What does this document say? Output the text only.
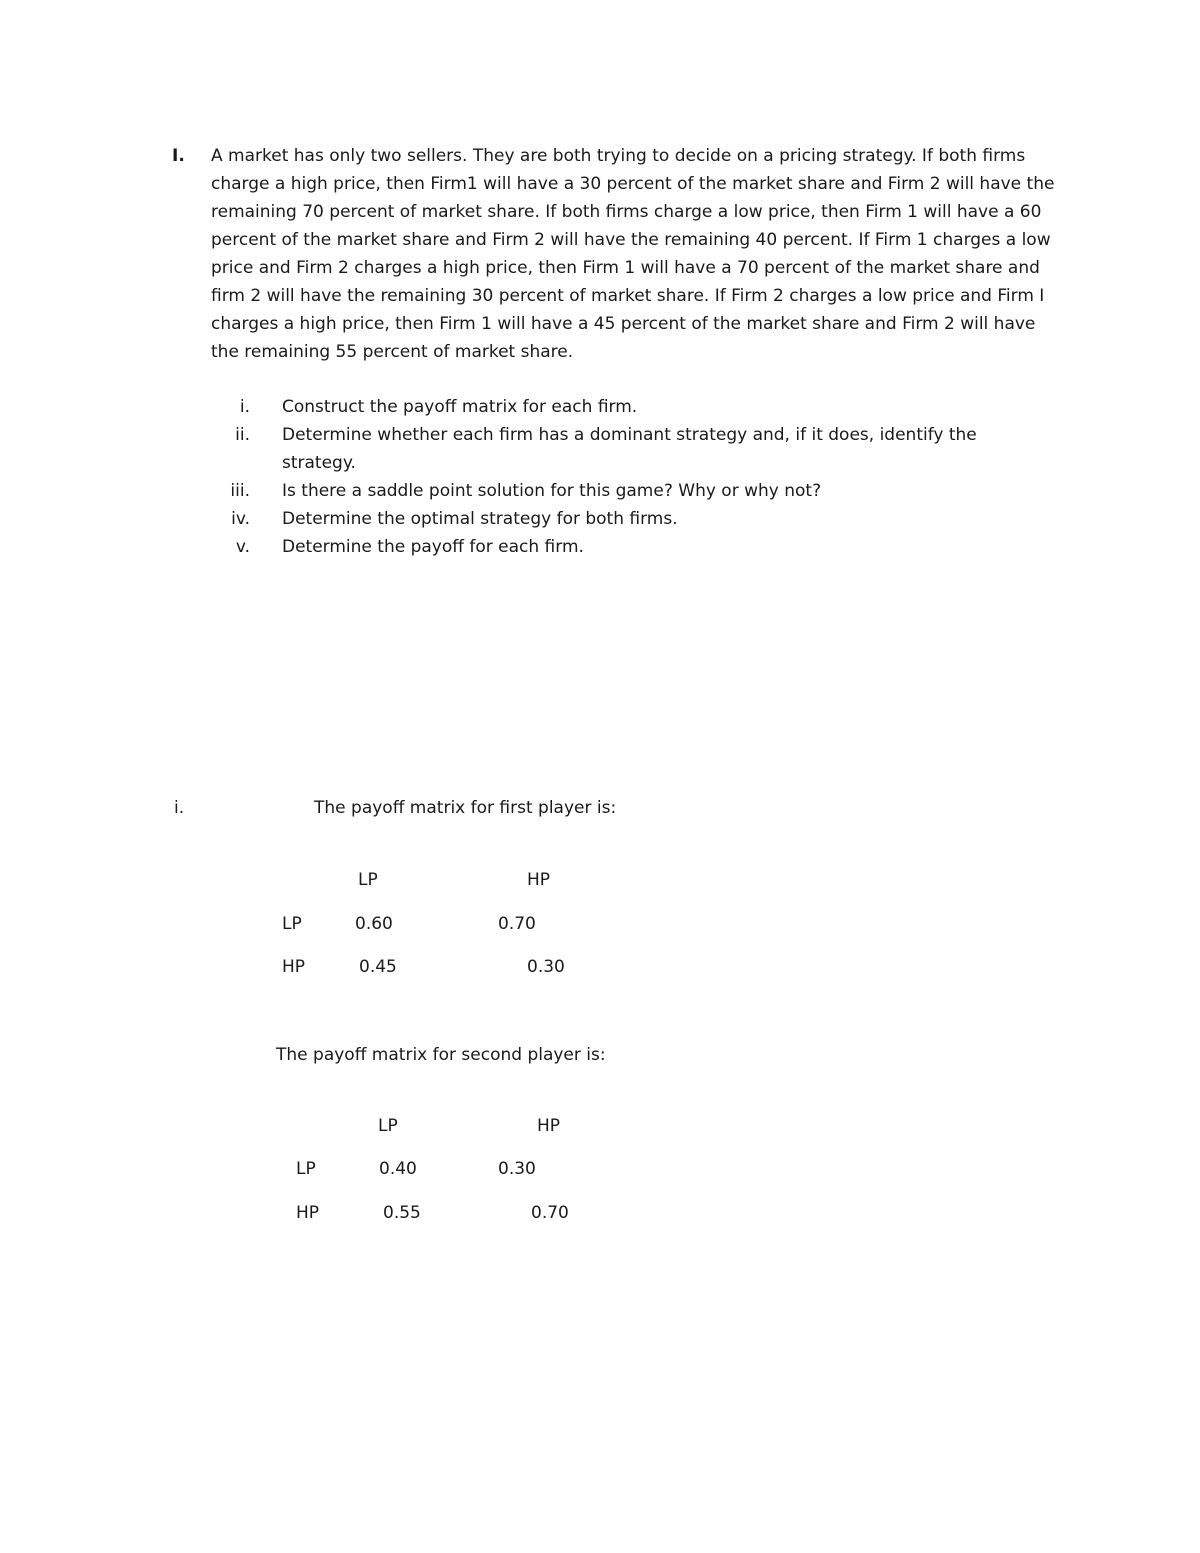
I. A market has only two sellers. They are both trying to decide on a pricing strategy. If both firms charge a high price, then Firm1 will have a 30 percent of the market share and Firm 2 will have the remaining 70 percent of market share. If both firms charge a low price, then Firm 1 will have a 60 percent of the market share and Firm 2 will have the remaining 40 percent. If Firm 1 charges a low price and Firm 2 charges a high price, then Firm 1 will have a 70 percent of the market share and firm 2 will have the remaining 30 percent of market share. If Firm 2 charges a low price and Firm I charges a high price, then Firm 1 will have a 45 percent of the market share and Firm 2 will have the remaining 55 percent of market share.
i.	Construct the payoff matrix for each firm.
ii.	Determine whether each firm has a dominant strategy and, if it does, identify the strategy.
iii.	Is there a saddle point solution for this game? Why or why not?
iv.	Determine the optimal strategy for both firms.
v.	Determine the payoff for each firm.
i.	The payoff matrix for first player is:
LP	HP
LP	0.60	0.70
HP	0.45	0.30
The payoff matrix for second player is:
LP	HP
LP	0.40	0.30
HP	0.55	0.70
